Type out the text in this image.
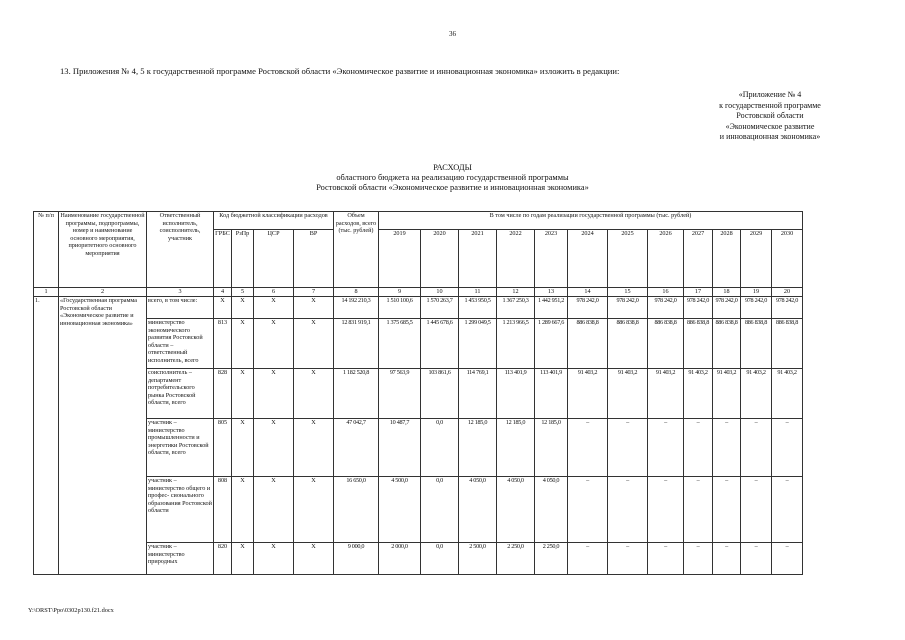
36
13. Приложения № 4, 5 к государственной программе Ростовской области «Экономическое развитие и инновационная экономика» изложить в редакции:
«Приложение № 4
к государственной программе
Ростовской области
«Экономическое развитие
и инновационная экономика»
РАСХОДЫ
областного бюджета на реализацию государственной программы
Ростовской области «Экономическое развитие и инновационная экономика»
№ п/п	Наименование государственной программы, подпрограммы, номер и наименование основного мероприятия, приоритетного основного мероприятия	Ответственный исполнитель, соисполнитель, участник	Код бюджетной классификации расходов				Объем расходов, всего (тыс. рублей)	В том числе по годам реализации государственной программы (тыс. рублей)											
			ГРБС	РзПр	ЦСР	ВР		2019	2020	2021	2022	2023	2024	2025	2026	2027	2028	2029	2030
1	2	3	4	5	6	7	8	9	10	11	12	13	14	15	16	17	18	19	20
1.	«Государственная программа Ростовской области «Экономическое развитие и инновационная экономика»	всего, в том числе:	Х	Х	Х	Х	14 192 210,3	1 510 100,6	1 570 263,7	1 453 950,5	1 367 250,3	1 442 951,2	978 242,0	978 242,0	978 242,0	978 242,0	978 242,0	978 242,0	978 242,0
		министерство экономического развития Ростовской области – ответственный исполнитель, всего	813	Х	Х	Х	12 831 919,1	1 375 685,5	1 445 678,6	1 299 049,5	1 213 966,5	1 289 667,6	886 838,8	886 838,8	886 838,8	886 838,8	886 838,8	886 838,8	886 838,8
		соисполнитель – департамент потребительского рынка Ростовской области, всего	828	Х	Х	Х	1 182 520,8	97 563,9	103 861,6	114 769,1	113 401,9	113 401,9	91 403,2	91 403,2	91 403,2	91 403,2	91 403,2	91 403,2	91 403,2
		участник – министерство промышленности и энергетики Ростовской области, всего	805	Х	Х	Х	47 042,7	10 487,7	0,0	12 185,0	12 185,0	12 185,0	–	–	–	–	–	–	–
		участник – министерство общего и профес- сионального образования Ростовской области	808	Х	Х	Х	16 650,0	4 500,0	0,0	4 050,0	4 050,0	4 050,0	–	–	–	–	–	–	–
		участник – министерство природных	820	Х	Х	Х	9 000,0	2 000,0	0,0	2 500,0	2 250,0	2 250,0	–	–	–	–	–	–	–
Y:\ORST\Ppo\0302p130.f21.docx
